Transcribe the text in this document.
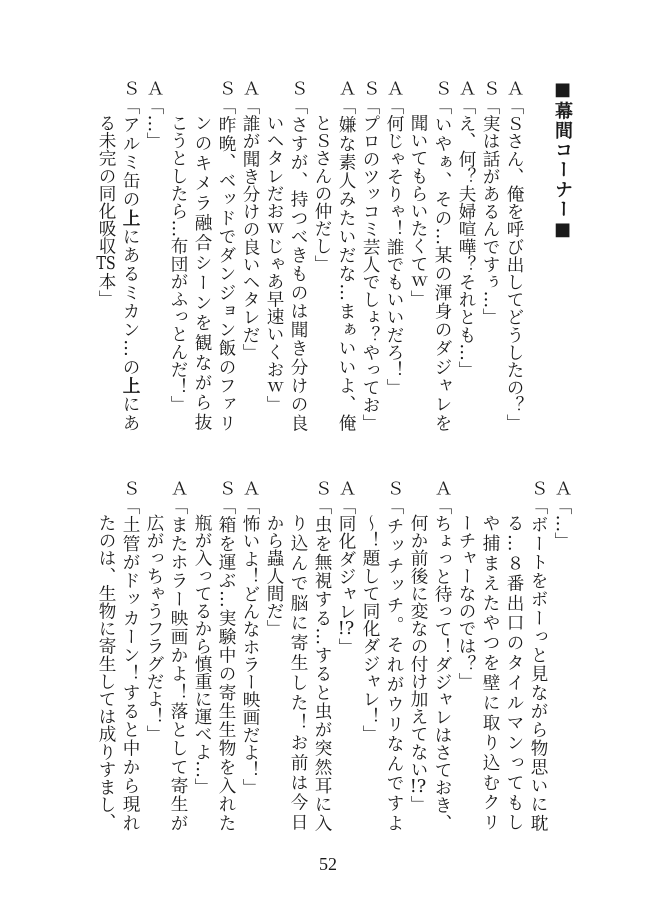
■幕間コーナー■
Ａ
「Ｓさん、俺を呼び出してどうしたの？」
Ｓ
「実は話があるんですぅ…」
Ａ
「え、何？夫婦喧嘩？それとも…」
Ｓ
「いやぁ、その…某の渾身のダジャレを
聞いてもらいたくてｗ」
Ａ
「何じゃそりゃ！誰でもいいだろ！」
Ｓ
「プロのツッコミ芸人でしょ？やってお」
Ａ
「嫌な素人みたいだな…まぁいいよ、俺
とＳさんの仲だし」
Ｓ
「さすが、持つべきものは聞き分けの良
いヘタレだおｗじゃあ早速いくおｗ」
Ａ
「誰が聞き分けの良いヘタレだ」
Ｓ
「昨晩、ベッドでダンジョン飯のファリ
ンのキメラ融合シーンを観ながら抜
こうとしたら…布団がふっとんだ！」
Ａ
「…」
Ｓ
「アルミ缶の上にあるミカン…の上にあ
る未完の同化吸収TS本」
Ａ
「…」
Ｓ
「ボートをボーっと見ながら物思いに耽
る…８番出口のタイルマンってもし
や捕まえたやつを壁に取り込むクリ
ーチャーなのでは？」
Ａ
「ちょっと待って！ダジャレはさておき、
何か前後に変なの付け加えてない!?」
Ｓ
「チッチッチ。それがウリなんですよ
〜！題して同化ダジャレ！」
Ａ
「同化ダジャレ!?」
Ｓ
「虫を無視する…すると虫が突然耳に入
り込んで脳に寄生した！お前は今日
から蟲人間だ」
Ａ
「怖いよ！どんなホラー映画だよ！」
Ｓ
「箱を運ぶ…実験中の寄生生物を入れた
瓶が入ってるから慎重に運べよ…」
Ａ
「またホラー映画かよ！落として寄生が
広がっちゃうフラグだよ！」
Ｓ
「土管がドッカーン！すると中から現れ
たのは、生物に寄生しては成りすまし、
52
